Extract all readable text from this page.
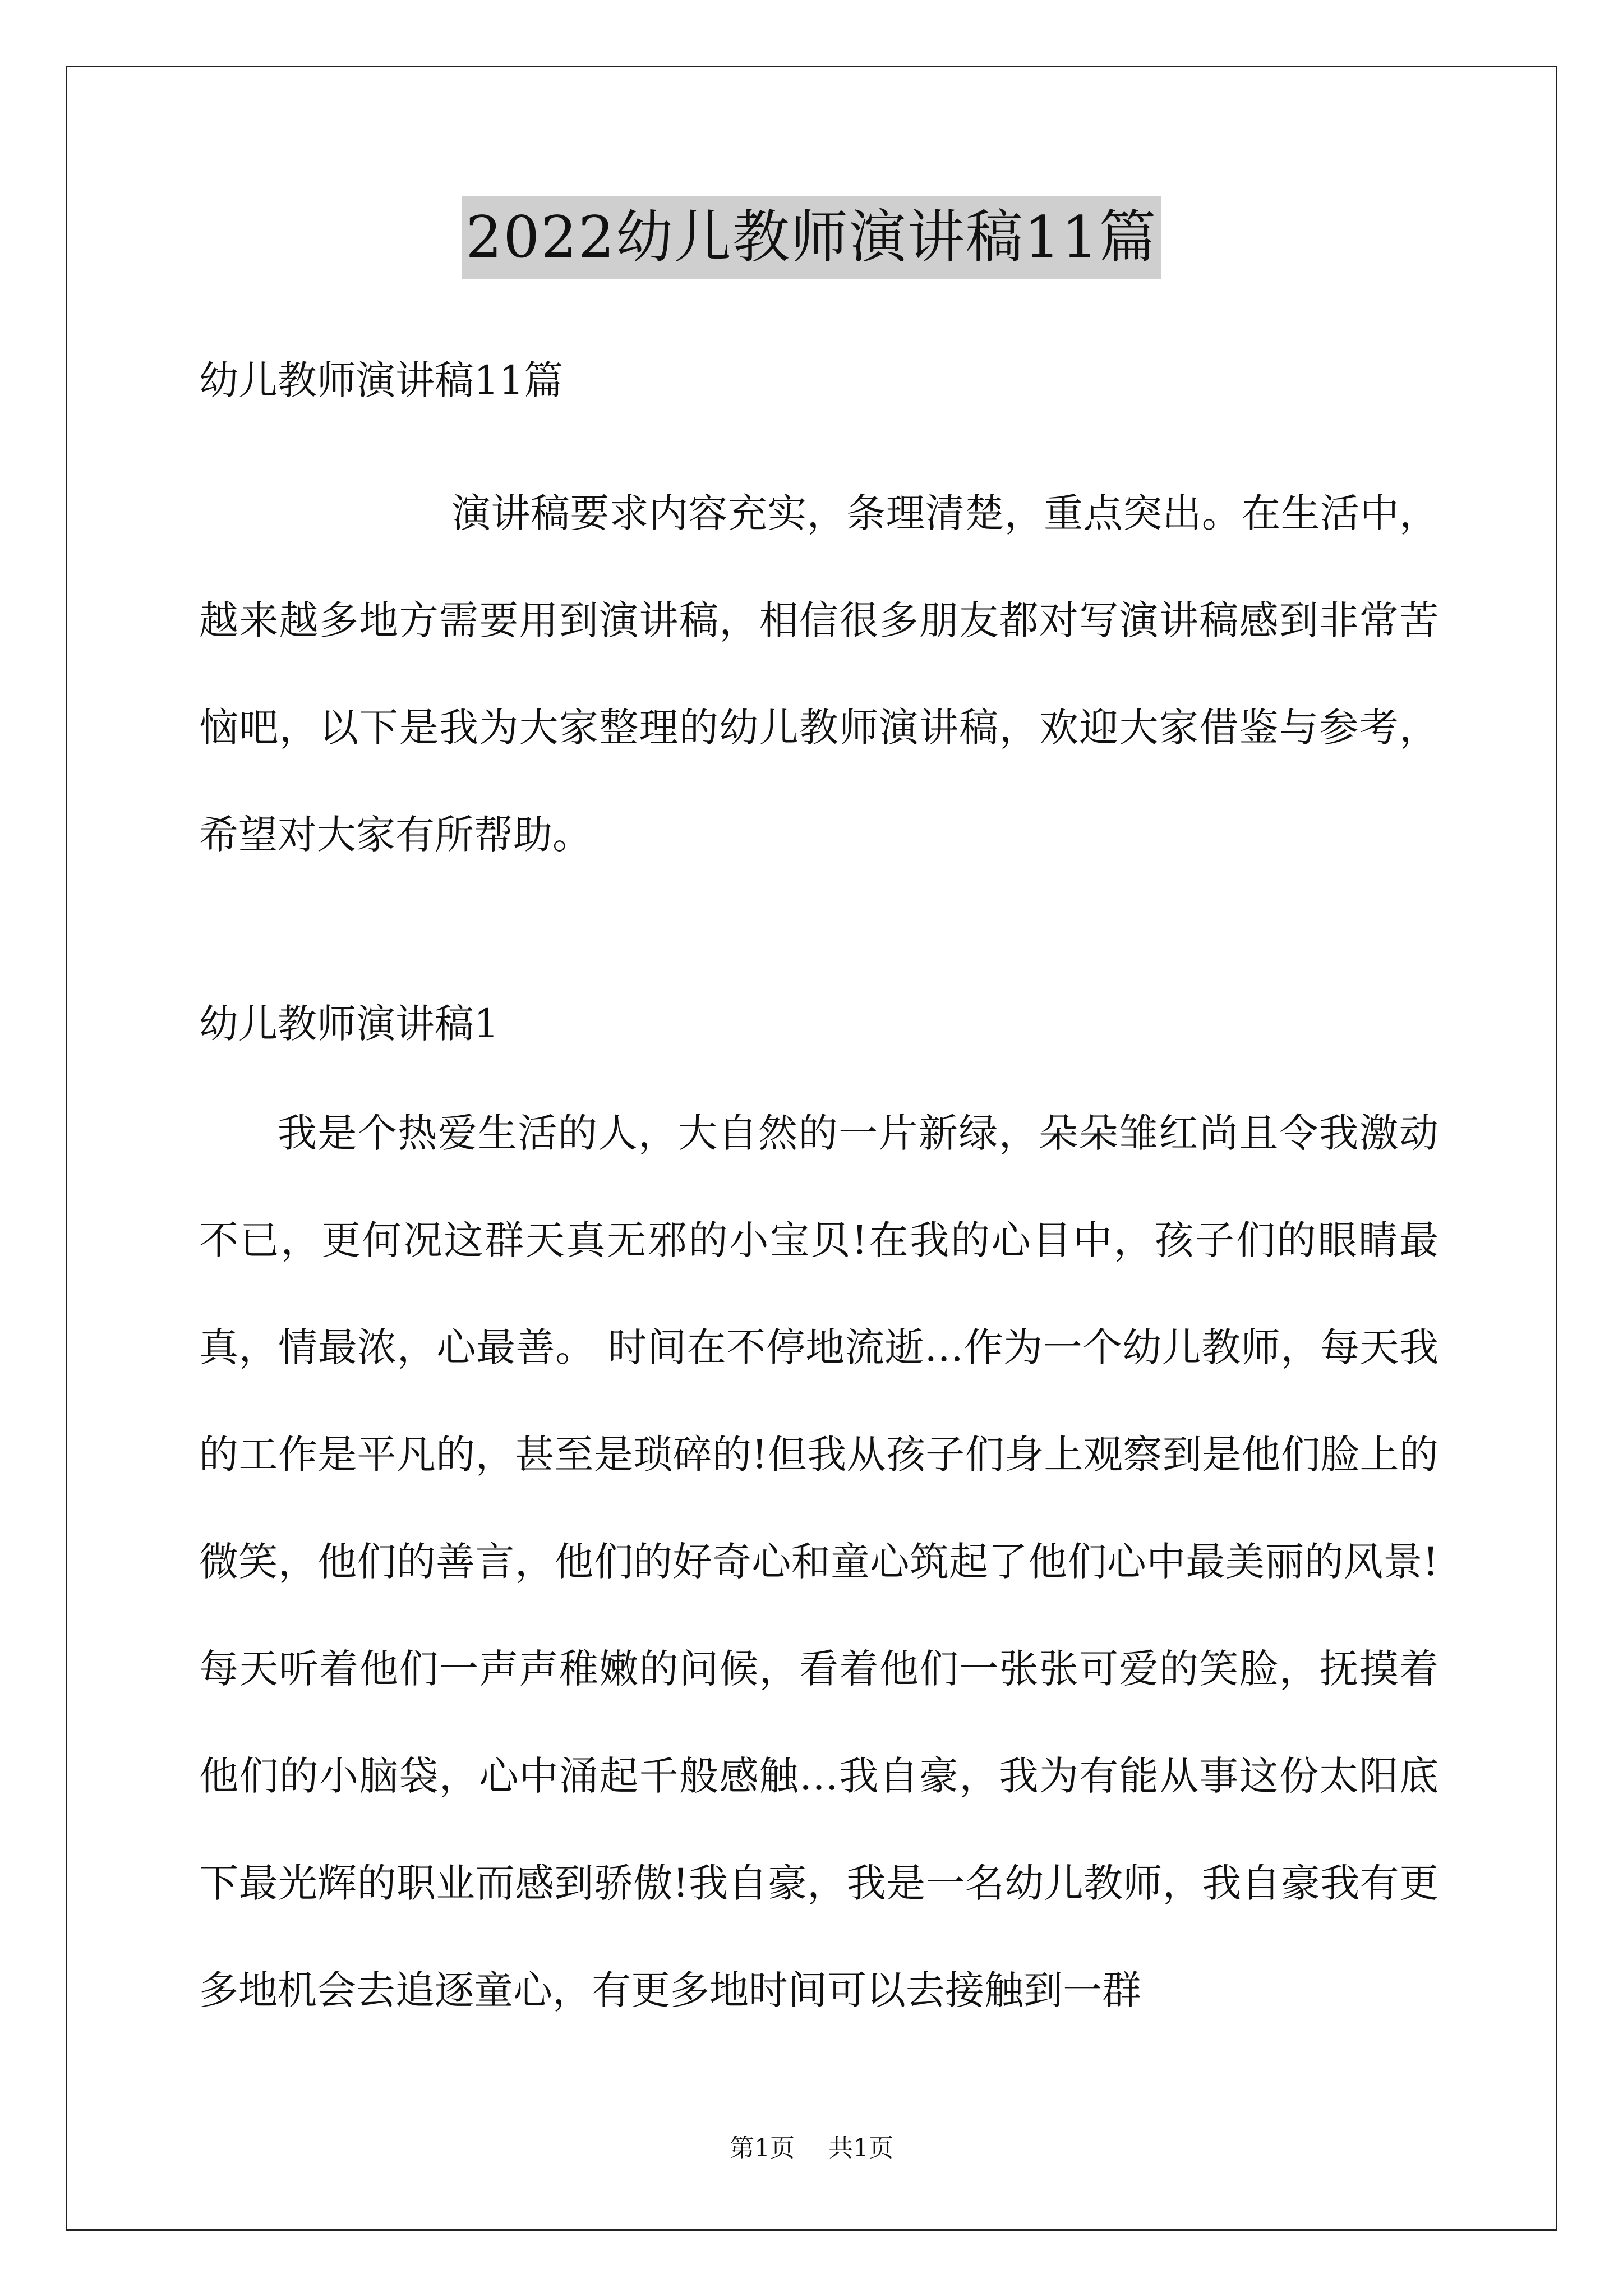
2022幼儿教师演讲稿11篇

幼儿教师演讲稿11篇

演讲稿要求内容充实，条理清楚，重点突出。在生活中，越来越多地方需要用到演讲稿，相信很多朋友都对写演讲稿感到非常苦恼吧，以下是我为大家整理的幼儿教师演讲稿，欢迎大家借鉴与参考，希望对大家有所帮助。

幼儿教师演讲稿1

我是个热爱生活的人，大自然的一片新绿，朵朵雏红尚且令我激动不已，更何况这群天真无邪的小宝贝!在我的心目中，孩子们的眼睛最真，情最浓，心最善。 时间在不停地流逝…作为一个幼儿教师，每天我的工作是平凡的，甚至是琐碎的!但我从孩子们身上观察到是他们脸上的微笑，他们的善言，他们的好奇心和童心筑起了他们心中最美丽的风景!每天听着他们一声声稚嫩的问候，看着他们一张张可爱的笑脸，抚摸着他们的小脑袋，心中涌起千般感触…我自豪，我为有能从事这份太阳底下最光辉的职业而感到骄傲!我自豪，我是一名幼儿教师，我自豪我有更多地机会去追逐童心，有更多地时间可以去接触到一群

第1页 共1页
